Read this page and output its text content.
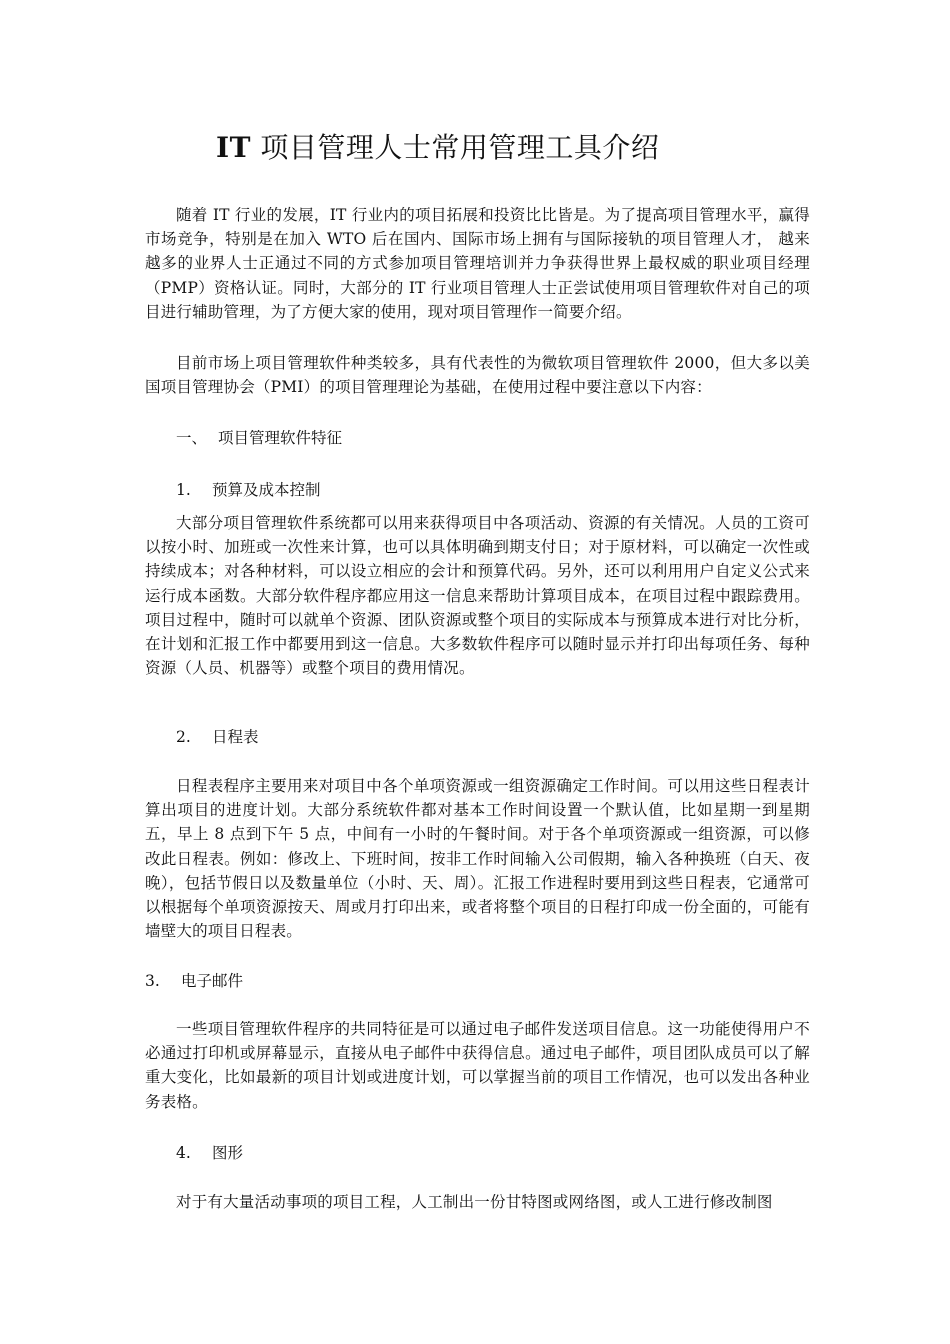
IT 项目管理人士常用管理工具介绍

随着 IT 行业的发展，IT 行业内的项目拓展和投资比比皆是。为了提高项目管理水平，赢得市场竞争，特别是在加入 WTO 后在国内、国际市场上拥有与国际接轨的项目管理人才， 越来越多的业界人士正通过不同的方式参加项目管理培训并力争获得世界上最权威的职业项目经理（PMP）资格认证。同时，大部分的 IT 行业项目管理人士正尝试使用项目管理软件对自己的项目进行辅助管理，为了方便大家的使用，现对项目管理作一简要介绍。

目前市场上项目管理软件种类较多，具有代表性的为微软项目管理软件 2000，但大多以美国项目管理协会（PMI）的项目管理理论为基础，在使用过程中要注意以下内容：

一、 项目管理软件特征
1. 预算及成本控制

大部分项目管理软件系统都可以用来获得项目中各项活动、资源的有关情况。人员的工资可以按小时、加班或一次性来计算，也可以具体明确到期支付日；对于原材料，可以确定一次性或持续成本；对各种材料，可以设立相应的会计和预算代码。另外，还可以利用用户自定义公式来运行成本函数。大部分软件程序都应用这一信息来帮助计算项目成本，在项目过程中跟踪费用。项目过程中，随时可以就单个资源、团队资源或整个项目的实际成本与预算成本进行对比分析，在计划和汇报工作中都要用到这一信息。大多数软件程序可以随时显示并打印出每项任务、每种资源（人员、机器等）或整个项目的费用情况。

2. 日程表

日程表程序主要用来对项目中各个单项资源或一组资源确定工作时间。可以用这些日程表计算出项目的进度计划。大部分系统软件都对基本工作时间设置一个默认值，比如星期一到星期五，早上 8 点到下午 5 点，中间有一小时的午餐时间。对于各个单项资源或一组资源，可以修改此日程表。例如：修改上、下班时间，按非工作时间输入公司假期，输入各种换班（白天、夜晚），包括节假日以及数量单位（小时、天、周）。汇报工作进程时要用到这些日程表，它通常可以根据每个单项资源按天、周或月打印出来，或者将整个项目的日程打印成一份全面的，可能有墙壁大的项目日程表。

3. 电子邮件

一些项目管理软件程序的共同特征是可以通过电子邮件发送项目信息。这一功能使得用户不必通过打印机或屏幕显示，直接从电子邮件中获得信息。通过电子邮件，项目团队成员可以了解重大变化，比如最新的项目计划或进度计划，可以掌握当前的项目工作情况，也可以发出各种业务表格。

4. 图形

对于有大量活动事项的项目工程，人工制出一份甘特图或网络图，或人工进行修改制图
